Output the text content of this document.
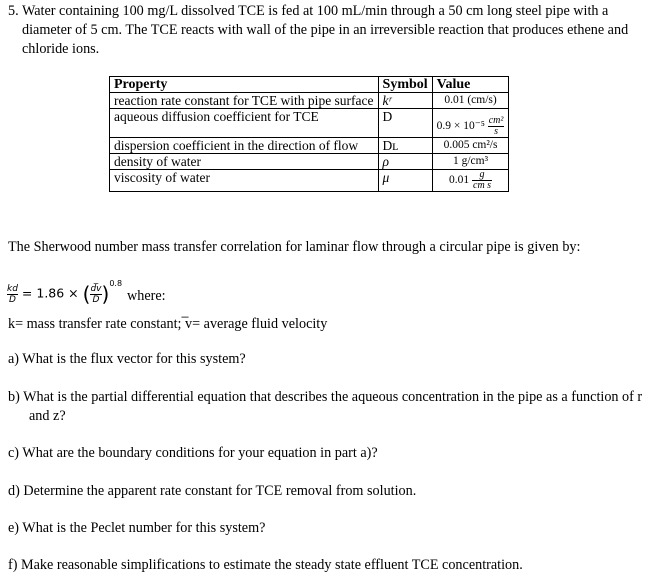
5. Water containing 100 mg/L dissolved TCE is fed at 100 mL/min through a 50 cm long steel pipe with a
diameter of 5 cm. The TCE reacts with wall of the pipe in an irreversible reaction that produces ethene and
chloride ions.
Property	Symbol	Value
reaction rate constant for TCE with pipe surface	kʳ	0.01 (cm/s)
aqueous diffusion coefficient for TCE	D	$0.9 \times 10^{-5} \frac{\text{cm²}}{s}$

dispersion coefficient in the direction of flow	Dʟ	0.005 cm²/s
density of water	ρ	1 g/cm³
viscosity of water	μ	$0.01 \frac{g}{\text{cm s}}$
The Sherwood number mass transfer correlation for laminar flow through a circular pipe is given by:
$\frac{kd}{D} = 1.86$ × ( $\frac{d̅v}{D} )^{0.8}$
where:
k= mass transfer rate constant; ̅v= average fluid velocity
a) What is the flux vector for this system?
b) What is the partial differential equation that describes the aqueous concentration in the pipe as a function of r
and z?
c) What are the boundary conditions for your equation in part a)?
d) Determine the apparent rate constant for TCE removal from solution.
e) What is the Peclet number for this system?
f) Make reasonable simplifications to estimate the steady state effluent TCE concentration.
